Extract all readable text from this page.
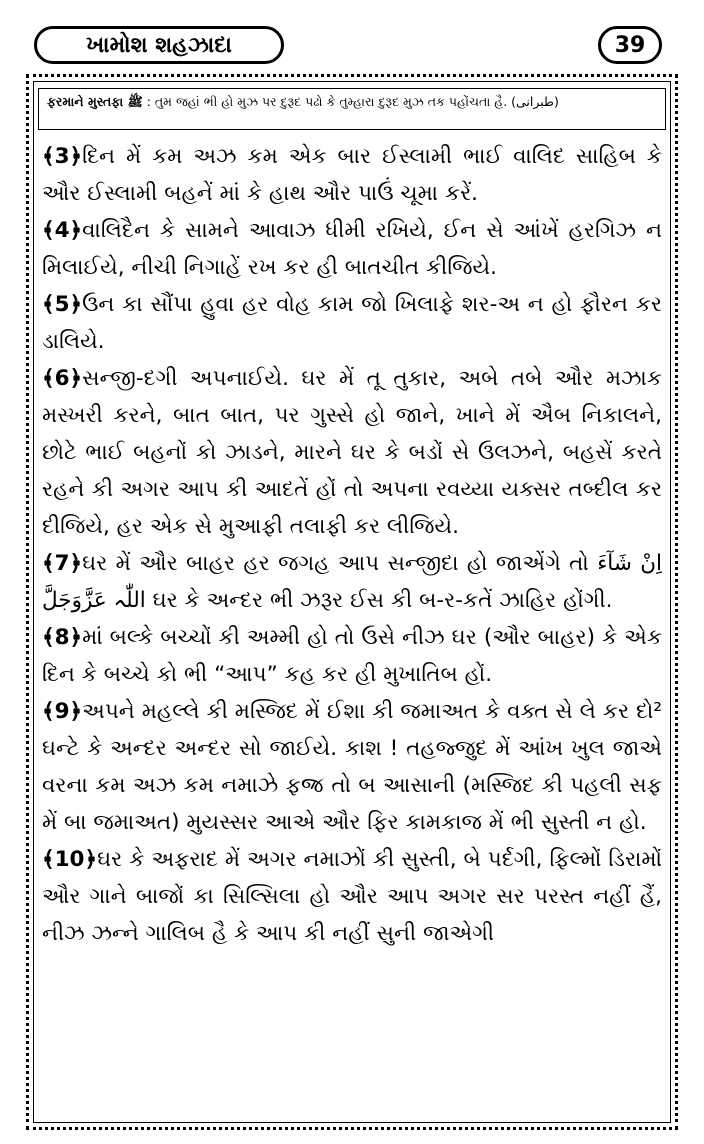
ખામોશ શહઝાદા	39
ફરમાને મુસ્તફા ﷺ : તુમ જહાં ભી હો મુઝ પર દુરૂદ પઢો કે તુમ્હારા દુરૂદ મુઝ તક પહોંચતા હૈ. (طبرانی)

﴾3﴿દિન મેં કમ અઝ કમ એક બાર ઈસ્લામી ભાઈ વાલિદ સાહિબ કે ઔર ઈસ્લામી બહનેં માં કે હાથ ઔર પાઉં ચૂમા કરેં.

﴾4﴿વાલિદૈન કે સામને આવાઝ ધીમી રખિયે, ઈન સે આંખેં હરગિઝ ન મિલાઈયે, નીચી નિગાહેં રખ કર હી બાતચીત કીજિયે.

﴾5﴿ઉન કા સૌંપા હુવા હર વોહ કામ જો ખિલાફે શર-અ ન હો ફૌરન કર ડાલિયે.

﴾6﴿સન્જી-દગી અપનાઈયે. ઘર મેં તૂ તુકાર, અબે તબે ઔર મઝાક મસ્ખરી કરને, બાત બાત, પર ગુસ્સે હો જાને, ખાને મેં ઐબ નિકાલને, છોટે ભાઈ બહનોં કો ઝાડને, મારને ઘર કે બડોં સે ઉલઝને, બહસેં કરતે રહને કી અગર આપ કી આદતેં હોં તો અપના રવય્યા યક્સર તબ્દીલ કર દીજિયે, હર એક સે મુઆફી તલાફી કર લીજિયે.

﴾7﴿ઘર મેં ઔર બાહર હર જગહ આપ સન્જીદા હો જાએંગે તો اِنْ شَآءَ اللّٰہ عَزَّوَجَلَّ ઘર કે અન્દર ભી ઝરૂર ઈસ કી બ-ર-કતેં ઝાહિર હોંગી.

﴾8﴿માં બલ્કે બચ્ચોં કી અમ્મી હો તો ઉસે નીઝ ઘર (ઔર બાહર) કે એક દિન કે બચ્ચે કો ભી “આપ” કહ કર હી મુખાતિબ હોં.

﴾9﴿અપને મહલ્લે કી મસ્જિદ મેં ઈશા કી જમાઅત કે વક્ત સે લે કર દો² ઘન્ટે કે અન્દર અન્દર સો જાઈયે. કાશ ! તહજ્જુદ મેં આંખ ખુલ જાએ વરના કમ અઝ કમ નમાઝે ફજ્ર તો બ આસાની (મસ્જિદ કી પહલી સફ મેં બા જમાઅત) મુયસ્સર આએ ઔર ફિર કામકાજ મેં ભી સુસ્તી ન હો.

﴾10﴿ઘર કે અફરાદ મેં અગર નમાઝોં કી સુસ્તી, બે પર્દગી, ફિલ્મોં ડિરામોં ઔર ગાને બાજોં કા સિલ્સિલા હો ઔર આપ અગર સર પરસ્ત નહીં હૈં, નીઝ ઝન્ને ગાલિબ હૈ કે આપ કી નહીં સુની જાએગી
